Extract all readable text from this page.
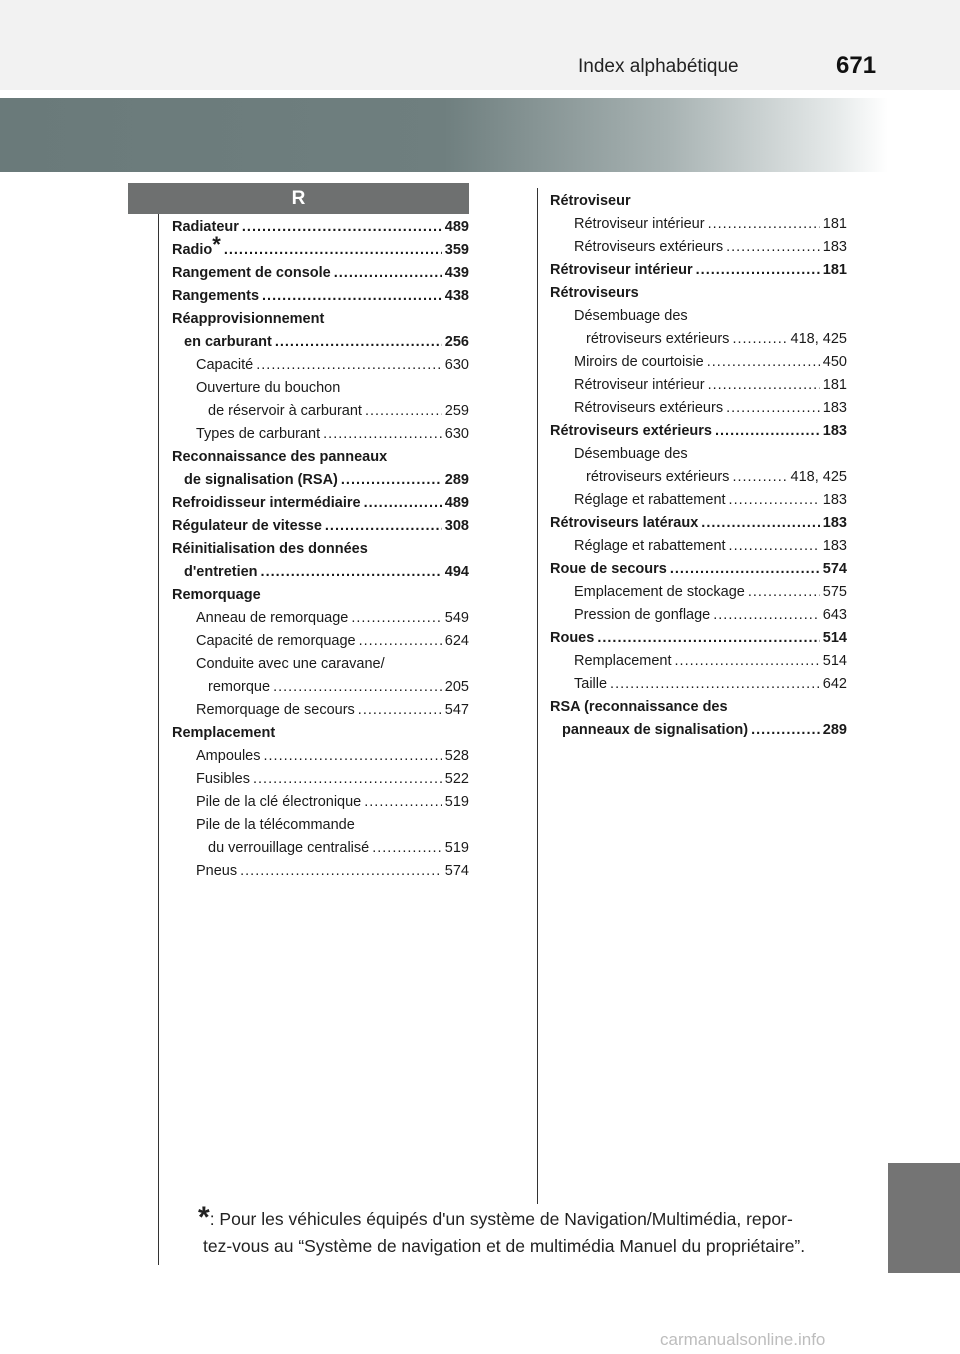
Index alphabétique	671
R
Radiateur .....	489
Radio* .....	359
Rangement de console .....	439
Rangements .....	438
Réapprovisionnement
en carburant .....	256
Capacité .....	630
Ouverture du bouchon
de réservoir à carburant .....	259
Types de carburant .....	630
Reconnaissance des panneaux
de signalisation (RSA) .....	289
Refroidisseur intermédiaire .....	489
Régulateur de vitesse .....	308
Réinitialisation des données
d'entretien .....	494
Remorquage
Anneau de remorquage .....	549
Capacité de remorquage .....	624
Conduite avec une caravane/
remorque .....	205
Remorquage de secours .....	547
Remplacement
Ampoules .....	528
Fusibles .....	522
Pile de la clé électronique .....	519
Pile de la télécommande
du verrouillage centralisé .....	519
Pneus .....	574
Rétroviseur
Rétroviseur intérieur .....	181
Rétroviseurs extérieurs .....	183
Rétroviseur intérieur .....	181
Rétroviseurs
Désembuage des
rétroviseurs extérieurs .....	418, 425
Miroirs de courtoisie .....	450
Rétroviseur intérieur .....	181
Rétroviseurs extérieurs .....	183
Rétroviseurs extérieurs .....	183
Désembuage des
rétroviseurs extérieurs .....	418, 425
Réglage et rabattement .....	183
Rétroviseurs latéraux .....	183
Réglage et rabattement .....	183
Roue de secours .....	574
Emplacement de stockage .....	575
Pression de gonflage .....	643
Roues .....	514
Remplacement .....	514
Taille .....	642
RSA (reconnaissance des
panneaux de signalisation) .....	289
*: Pour les véhicules équipés d'un système de Navigation/Multimédia, repor-
tez-vous au “Système de navigation et de multimédia Manuel du propriétaire”.
carmanualsonline.info
